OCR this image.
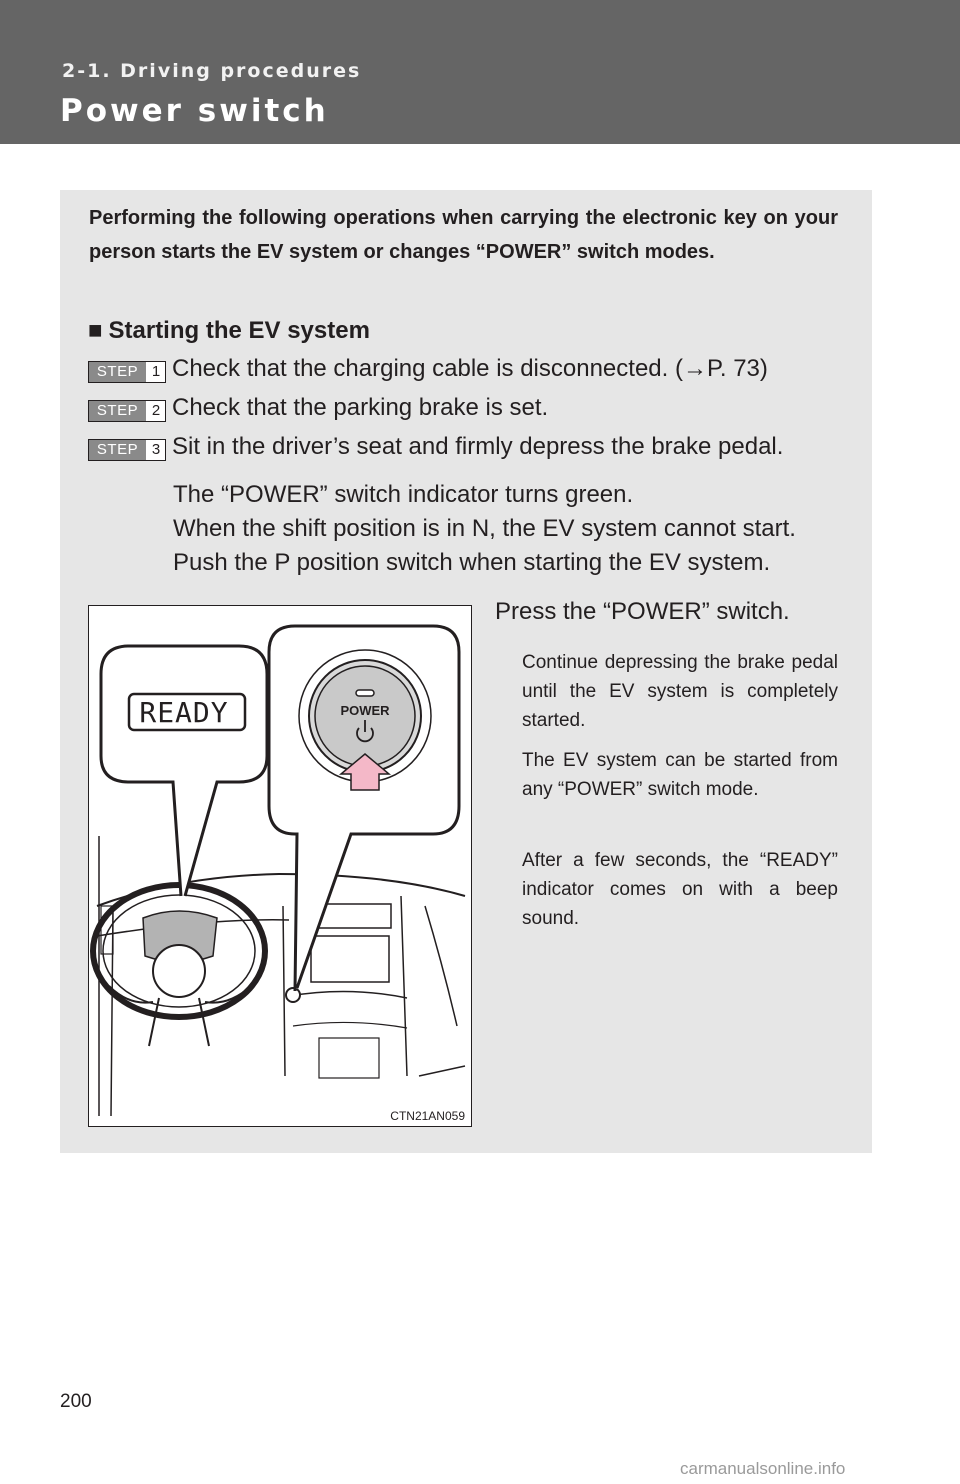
2-1. Driving procedures
Power switch
Performing the following operations when carrying the electronic key on your person starts the EV system or changes “POWER” switch modes.
■ Starting the EV system
STEP 1 Check that the charging cable is disconnected. (→P. 73)
STEP 2 Check that the parking brake is set.
STEP 3 Sit in the driver’s seat and firmly depress the brake pedal.
The “POWER” switch indicator turns green.
When the shift position is in N, the EV system cannot start.
Push the P position switch when starting the EV system.
CTN21AN059
READY	POWER
Press the “POWER” switch.
Continue depressing the brake pedal until the EV system is completely started.
The EV system can be started from any “POWER” switch mode.
After a few seconds, the “READY” indicator comes on with a beep sound.
200
carmanualsonline.info
